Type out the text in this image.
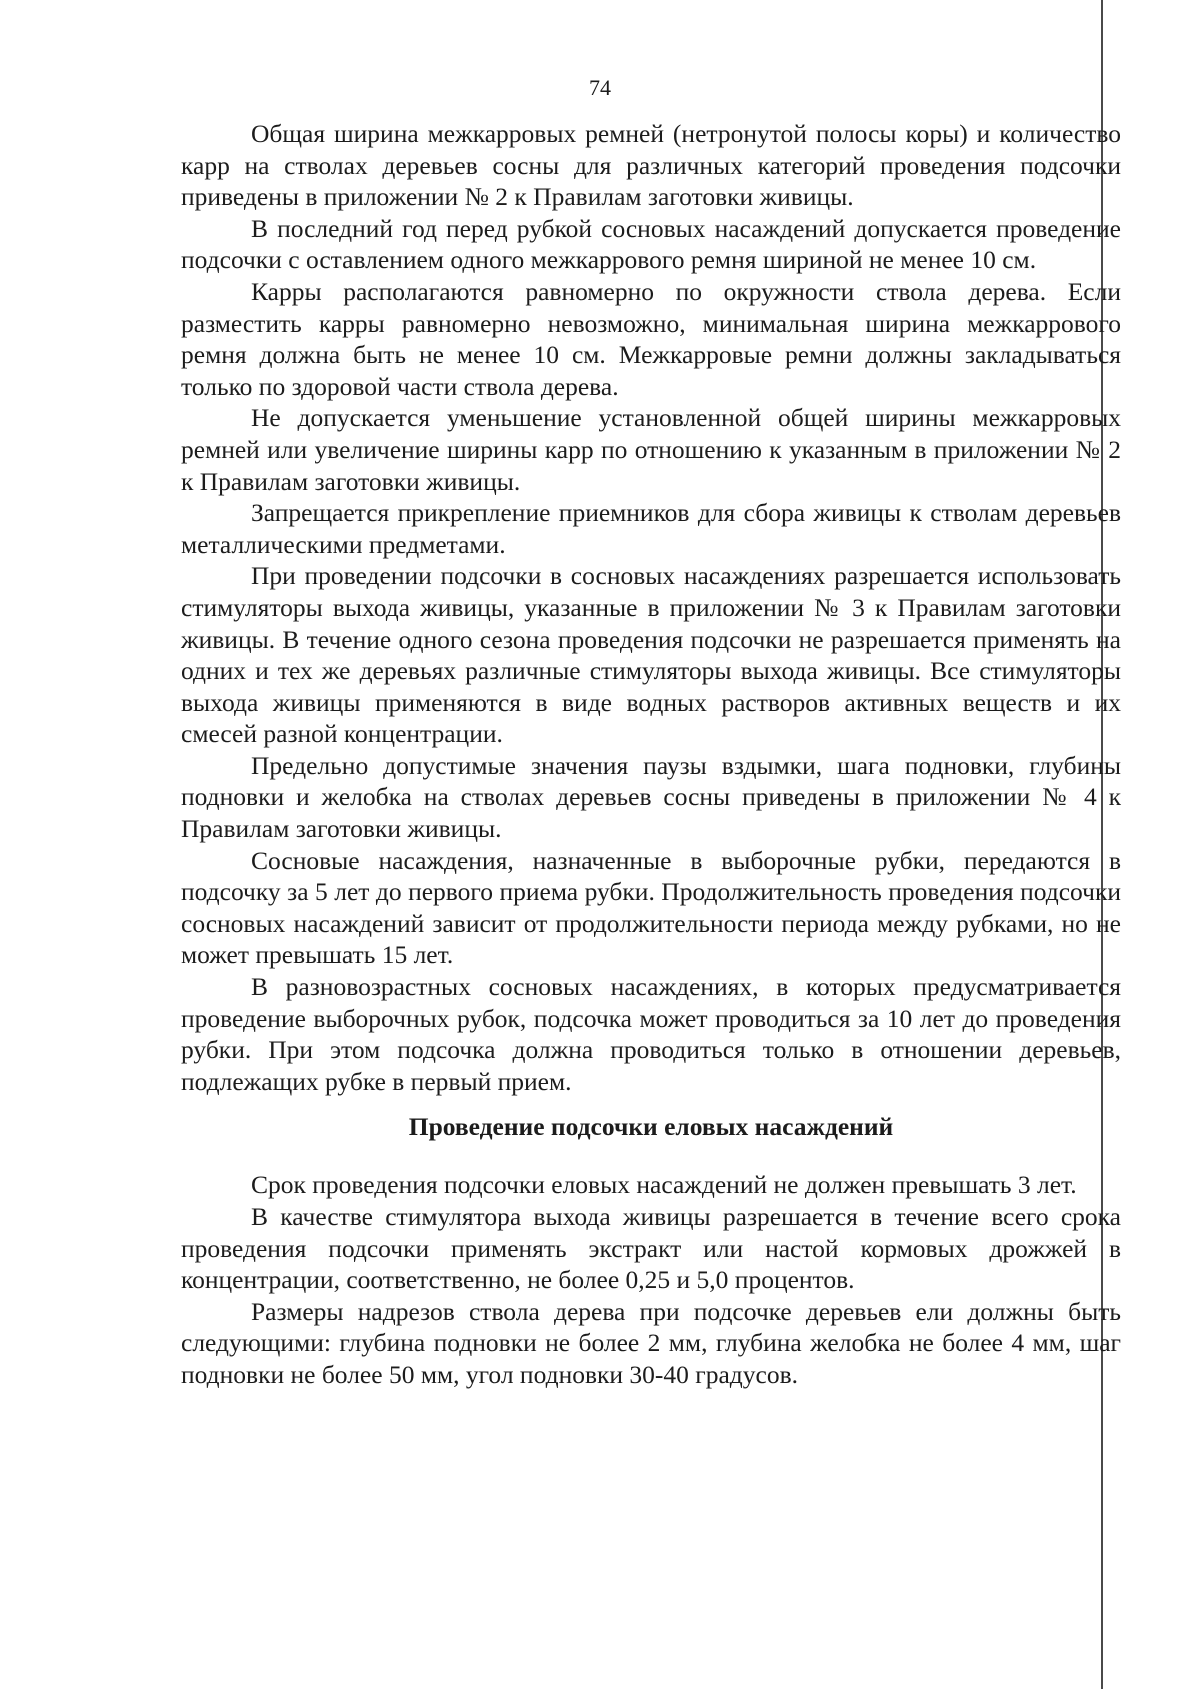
74

Общая ширина межкарровых ремней (нетронутой полосы коры) и количество карр на стволах деревьев сосны для различных категорий проведения подсочки приведены в приложении № 2 к Правилам заготовки живицы.

В последний год перед рубкой сосновых насаждений допускается проведение подсочки с оставлением одного межкаррового ремня шириной не менее 10 см.

Карры располагаются равномерно по окружности ствола дерева. Если разместить карры равномерно невозможно, минимальная ширина межкаррового ремня должна быть не менее 10 см. Межкарровые ремни должны закладываться только по здоровой части ствола дерева.

Не допускается уменьшение установленной общей ширины межкарровых ремней или увеличение ширины карр по отношению к указанным в приложении № 2 к Правилам заготовки живицы.

Запрещается прикрепление приемников для сбора живицы к стволам деревьев металлическими предметами.

При проведении подсочки в сосновых насаждениях разрешается использовать стимуляторы выхода живицы, указанные в приложении № 3 к Правилам заготовки живицы. В течение одного сезона проведения подсочки не разрешается применять на одних и тех же деревьях различные стимуляторы выхода живицы. Все стимуляторы выхода живицы применяются в виде водных растворов активных веществ и их смесей разной концентрации.

Предельно допустимые значения паузы вздымки, шага подновки, глубины подновки и желобка на стволах деревьев сосны приведены в приложении № 4 к Правилам заготовки живицы.

Сосновые насаждения, назначенные в выборочные рубки, передаются в подсочку за 5 лет до первого приема рубки. Продолжительность проведения подсочки сосновых насаждений зависит от продолжительности периода между рубками, но не может превышать 15 лет.

В разновозрастных сосновых насаждениях, в которых предусматривается проведение выборочных рубок, подсочка может проводиться за 10 лет до проведения рубки. При этом подсочка должна проводиться только в отношении деревьев, подлежащих рубке в первый прием.

Проведение подсочки еловых насаждений

Срок проведения подсочки еловых насаждений не должен превышать 3 лет.

В качестве стимулятора выхода живицы разрешается в течение всего срока проведения подсочки применять экстракт или настой кормовых дрожжей в концентрации, соответственно, не более 0,25 и 5,0 процентов.

Размеры надрезов ствола дерева при подсочке деревьев ели должны быть следующими: глубина подновки не более 2 мм, глубина желобка не более 4 мм, шаг подновки не более 50 мм, угол подновки 30-40 градусов.
